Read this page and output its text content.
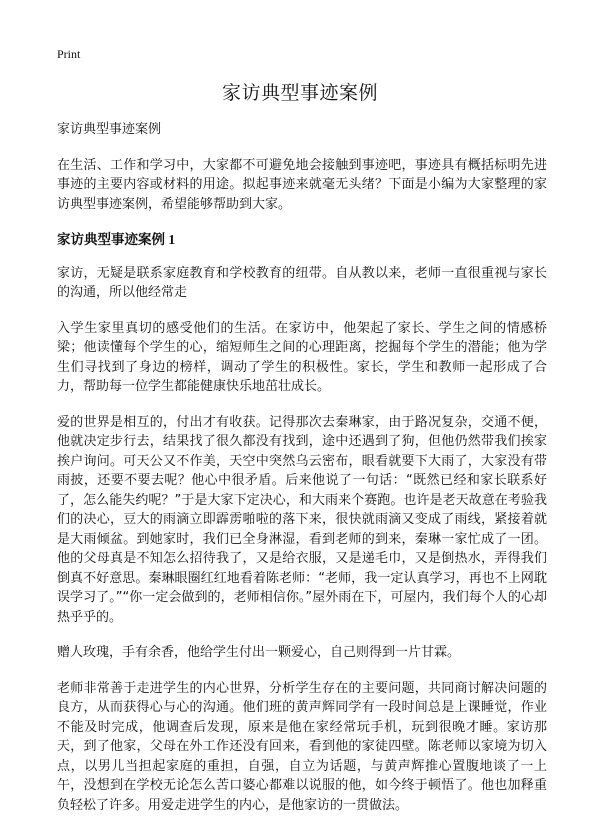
Print
家访典型事迹案例

家访典型事迹案例

在生活、工作和学习中，大家都不可避免地会接触到事迹吧，事迹具有概括标明先进事迹的主要内容或材料的用途。拟起事迹来就毫无头绪？下面是小编为大家整理的家访典型事迹案例，希望能够帮助到大家。

家访典型事迹案例 1

家访，无疑是联系家庭教育和学校教育的纽带。自从教以来，老师一直很重视与家长的沟通，所以他经常走

入学生家里真切的感受他们的生活。在家访中，他架起了家长、学生之间的情感桥梁；他读懂每个学生的心，缩短师生之间的心理距离，挖掘每个学生的潜能；他为学生们寻找到了身边的榜样，调动了学生的积极性。家长，学生和教师一起形成了合力，帮助每一位学生都能健康快乐地茁壮成长。

爱的世界是相互的，付出才有收获。记得那次去秦琳家，由于路况复杂，交通不便，他就决定步行去，结果找了很久都没有找到，途中还遇到了狗，但他仍然带我们挨家挨户询问。可天公又不作美，天空中突然乌云密布，眼看就要下大雨了，大家没有带雨披，还要不要去呢？他心中很矛盾。后来他说了一句话：“既然已经和家长联系好了，怎么能失约呢？”于是大家下定决心，和大雨来个赛跑。也许是老天故意在考验我们的决心，豆大的雨滴立即霹雳啪啦的落下来，很快就雨滴又变成了雨线，紧接着就是大雨倾盆。到她家时，我们已全身淋湿，看到老师的到来，秦琳一家忙成了一团。他的父母真是不知怎么招待我了，又是给衣服，又是递毛巾，又是倒热水，弄得我们倒真不好意思。秦琳眼圈红红地看着陈老师：“老师，我一定认真学习，再也不上网耽误学习了。”“你一定会做到的，老师相信你。”屋外雨在下，可屋内，我们每个人的心却热乎乎的。

赠人玫瑰，手有余香，他给学生付出一颗爱心，自己则得到一片甘霖。

老师非常善于走进学生的内心世界，分析学生存在的主要问题，共同商讨解决问题的良方，从而获得心与心的沟通。他们班的黄声辉同学有一段时间总是上课睡觉，作业不能及时完成，他调查后发现，原来是他在家经常玩手机，玩到很晚才睡。家访那天，到了他家，父母在外工作还没有回来，看到他的家徒四壁。陈老师以家境为切入点，以男儿当担起家庭的重担，自强，自立为话题，与黄声辉推心置腹地谈了一上午，没想到在学校无论怎么苦口婆心都难以说服的他，如今终于顿悟了。他也加释重负轻松了许多。用爱走进学生的内心，是他家访的一贯做法。
